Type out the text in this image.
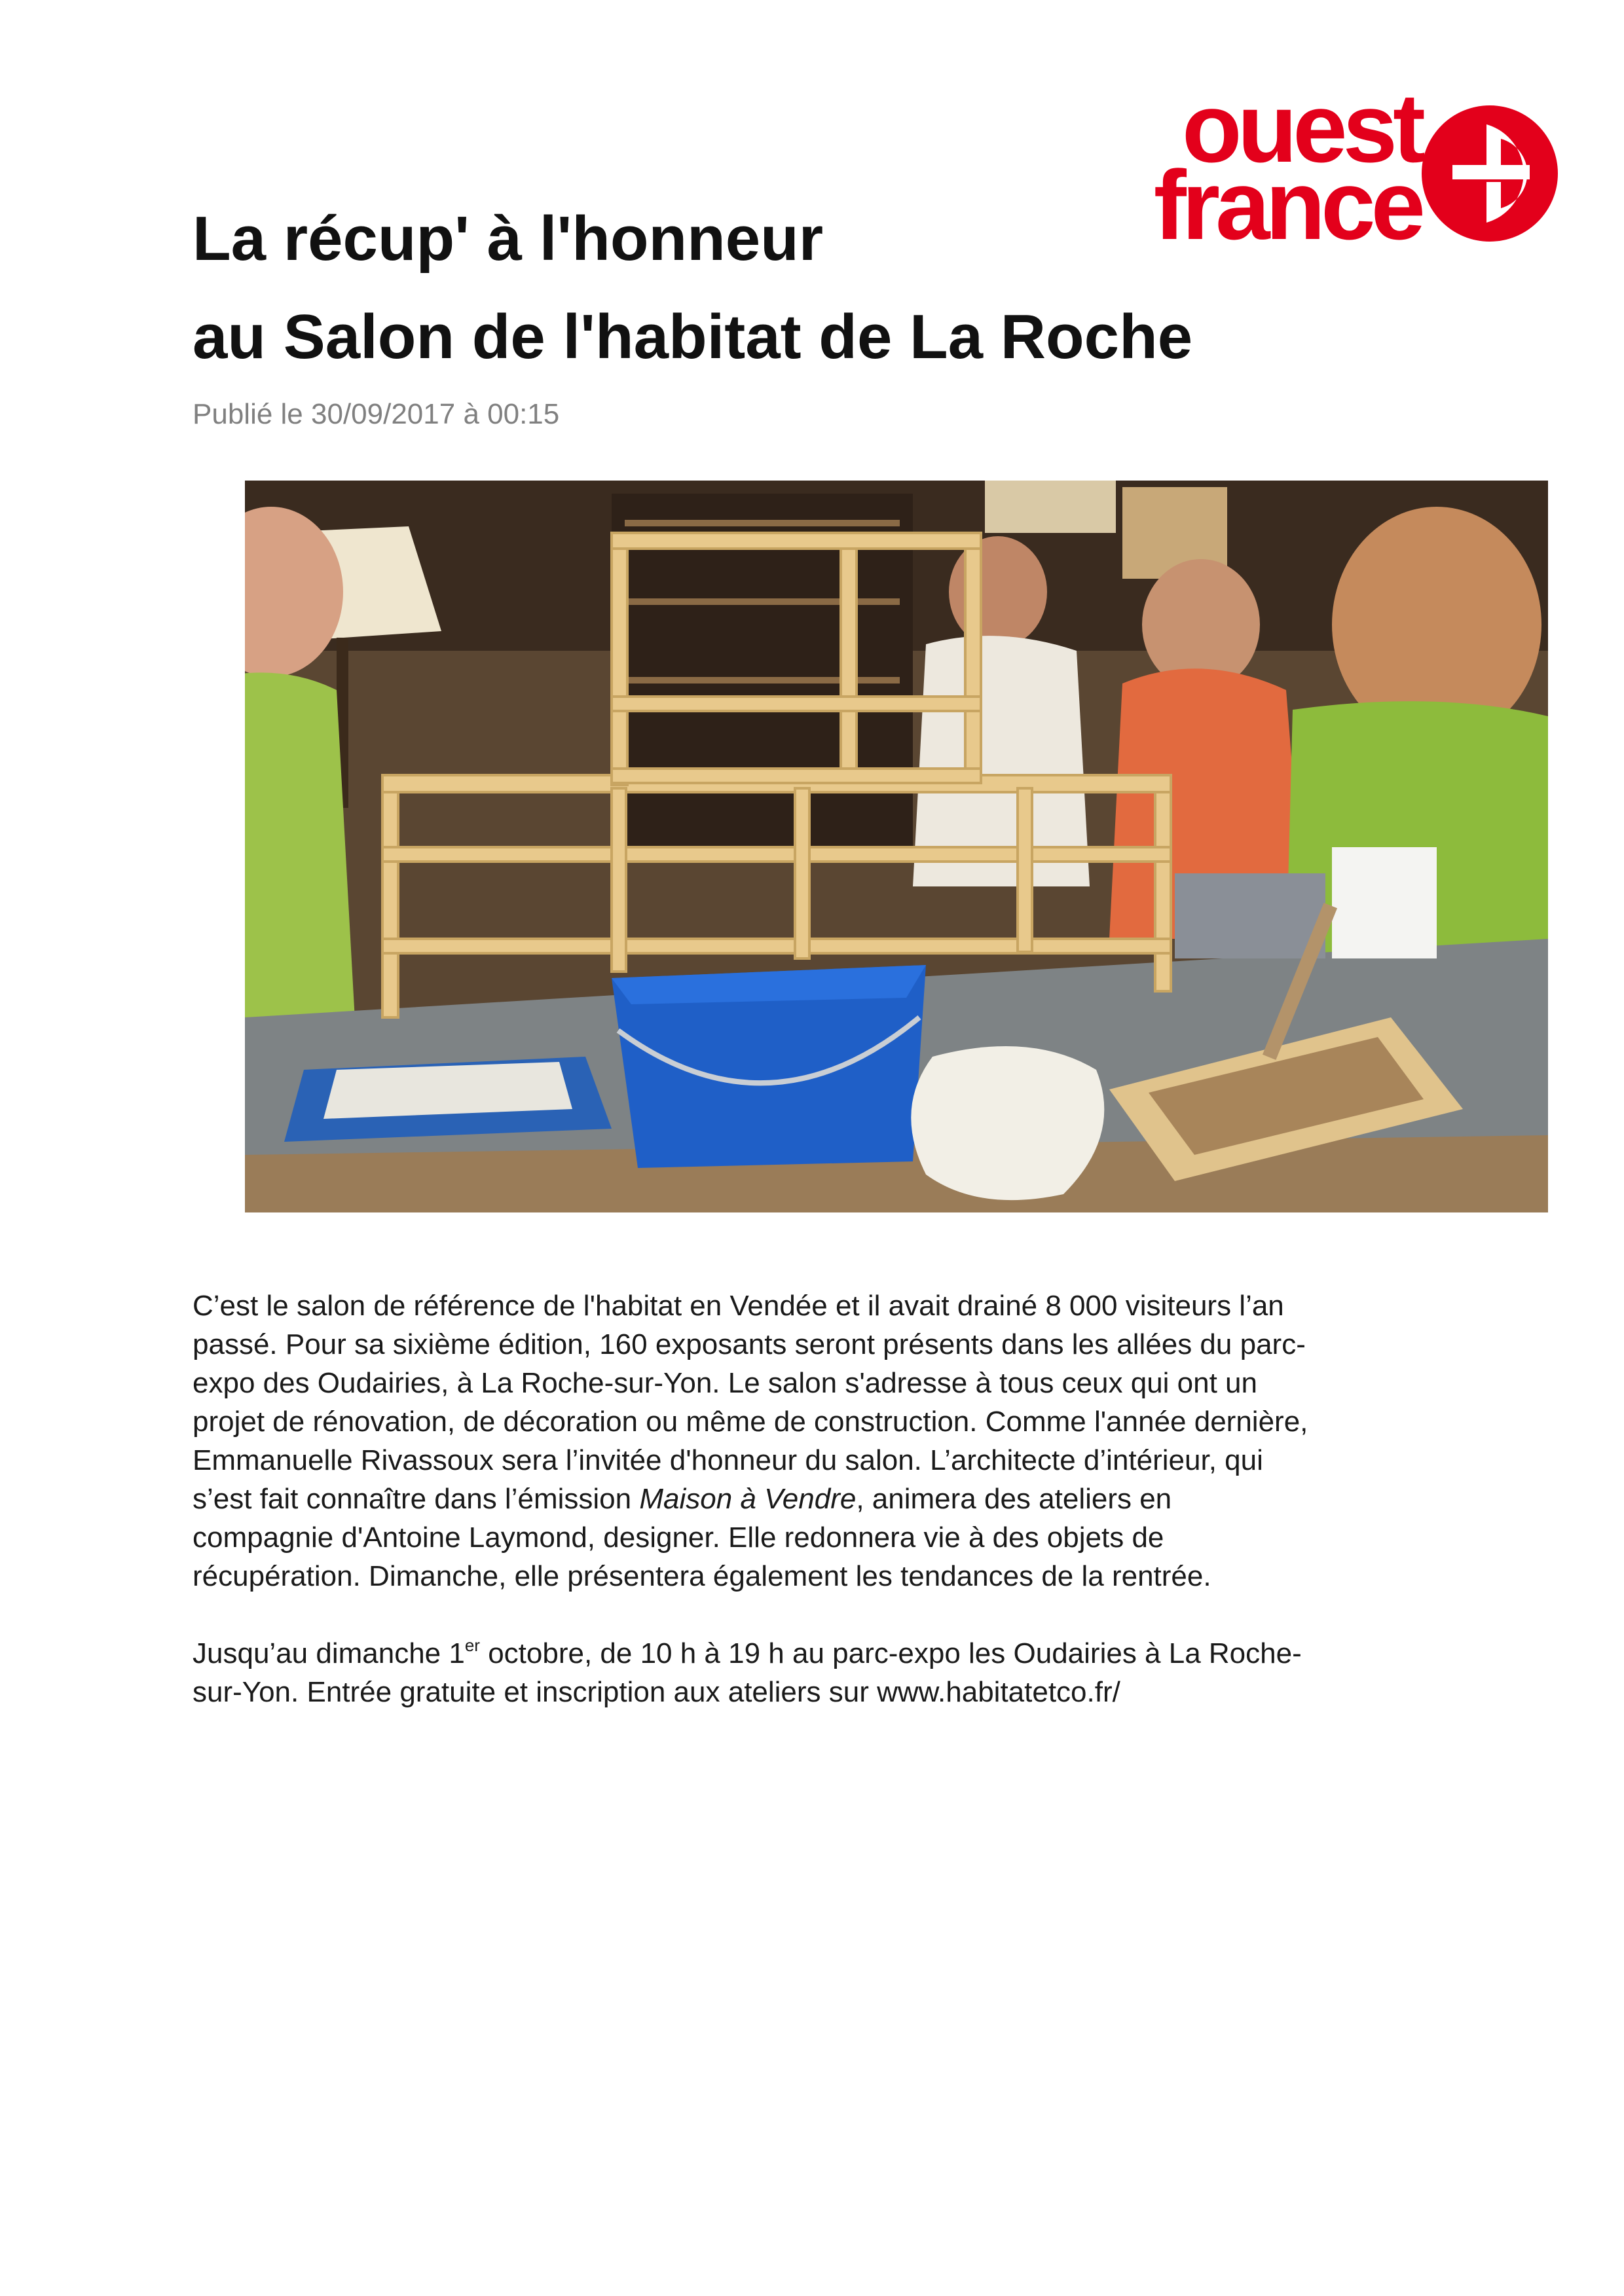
ouest
france
La récup' à l'honneur
au Salon de l'habitat de La Roche
Publié le 30/09/2017 à 00:15
C’est le salon de référence de l'habitat en Vendée et il avait drainé 8 000 visiteurs l’an
passé. Pour sa sixième édition, 160 exposants seront présents dans les allées du parc-
expo des Oudairies, à La Roche-sur-Yon. Le salon s'adresse à tous ceux qui ont un
projet de rénovation, de décoration ou même de construction. Comme l'année dernière,
Emmanuelle Rivassoux sera l’invitée d'honneur du salon. L’architecte d’intérieur, qui
s’est fait connaître dans l’émission Maison à Vendre, animera des ateliers en
compagnie d'Antoine Laymond, designer. Elle redonnera vie à des objets de
récupération. Dimanche, elle présentera également les tendances de la rentrée.
Jusqu’au dimanche 1er octobre, de 10 h à 19 h au parc-expo les Oudairies à La Roche-
sur-Yon. Entrée gratuite et inscription aux ateliers sur www.habitatetco.fr/
